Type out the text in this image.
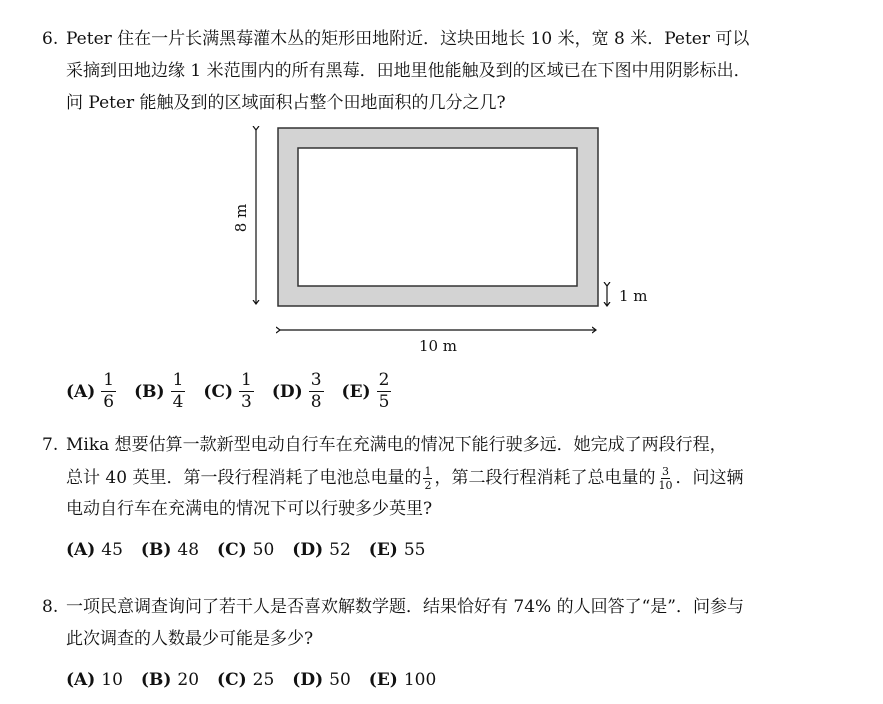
6. Peter 住在一片长满黑莓灌木丛的矩形田地附近．这块田地长 10 米，宽 8 米．Peter 可以
采摘到田地边缘 1 米范围内的所有黑莓．田地里他能触及到的区域已在下图中用阴影标出．
问 Peter 能触及到的区域面积占整个田地面积的几分之几?
8 m
10 m
1 m
$(A) \frac{1}{6} (B) \frac{1}{4} (C) \frac{1}{3} (D) \frac{3}{8} (E) \frac{2}{5}$
7. Mika 想要估算一款新型电动自行车在充满电的情况下能行驶多远．她完成了两段行程，
总计 40 英里．第一段行程消耗了电池总电量的 $\frac{1}{2}$ ，第二段行程消耗了总电量的 $\frac{3}{10}$ ．问这辆
电动自行车在充满电的情况下可以行驶多少英里?
(A) 45 (B) 48 (C) 50 (D) 52 (E) 55
8. 一项民意调查询问了若干人是否喜欢解数学题．结果恰好有 74% 的人回答了“是”．问参与
此次调查的人数最少可能是多少?
(A) 10 (B) 20 (C) 25 (D) 50 (E) 100
